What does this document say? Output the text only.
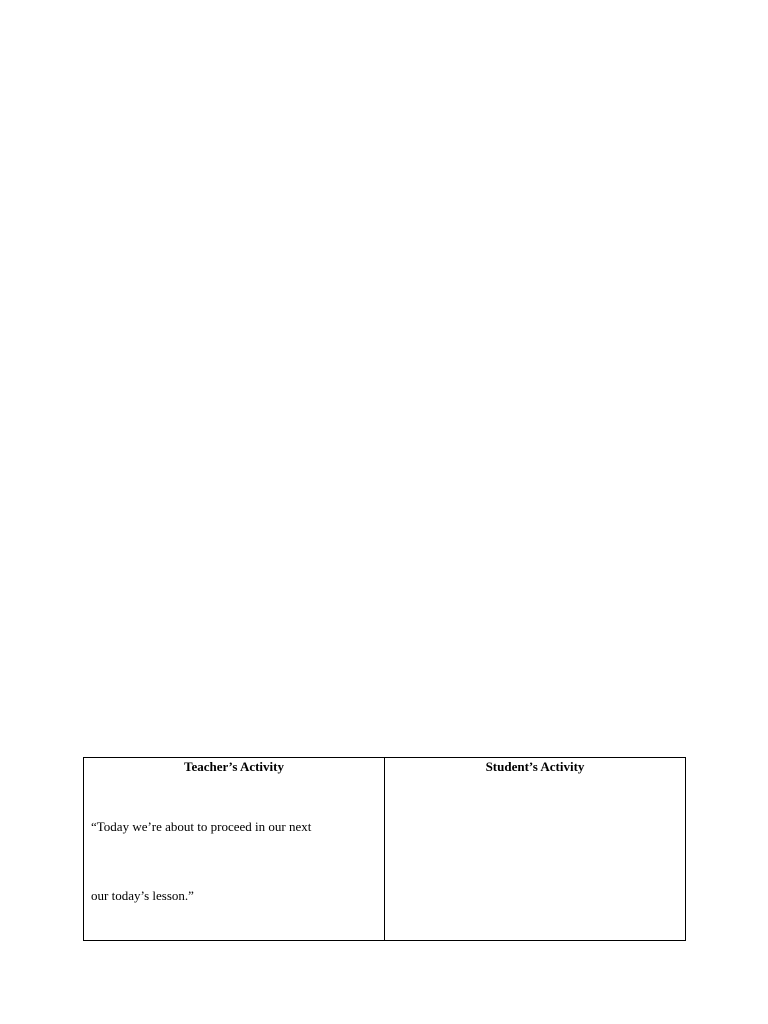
Teacher’s Activity
“Today we’re about to proceed in our next
our today’s lesson.”
Student’s Activity
